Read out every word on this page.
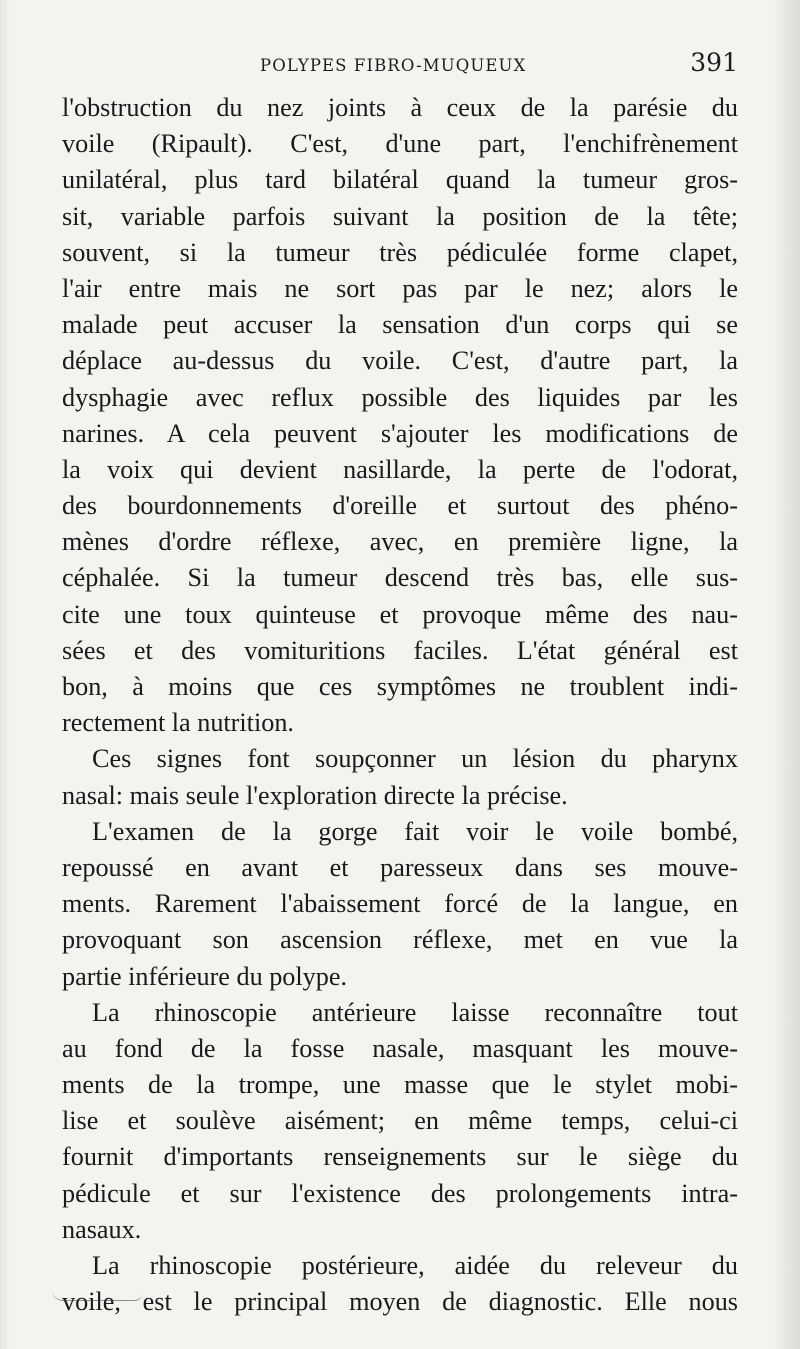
POLYPES FIBRO-MUQUEUX	391
l'obstruction du nez joints à ceux de la parésie du
voile (Ripault). C'est, d'une part, l'enchifrènement
unilatéral, plus tard bilatéral quand la tumeur gros-
sit, variable parfois suivant la position de la tête;
souvent, si la tumeur très pédiculée forme clapet,
l'air entre mais ne sort pas par le nez; alors le
malade peut accuser la sensation d'un corps qui se
déplace au-dessus du voile. C'est, d'autre part, la
dysphagie avec reflux possible des liquides par les
narines. A cela peuvent s'ajouter les modifications de
la voix qui devient nasillarde, la perte de l'odorat,
des bourdonnements d'oreille et surtout des phéno-
mènes d'ordre réflexe, avec, en première ligne, la
céphalée. Si la tumeur descend très bas, elle sus-
cite une toux quinteuse et provoque même des nau-
sées et des vomituritions faciles. L'état général est
bon, à moins que ces symptômes ne troublent indi-
rectement la nutrition.
Ces signes font soupçonner un lésion du pharynx
nasal: mais seule l'exploration directe la précise.
L'examen de la gorge fait voir le voile bombé,
repoussé en avant et paresseux dans ses mouve-
ments. Rarement l'abaissement forcé de la langue, en
provoquant son ascension réflexe, met en vue la
partie inférieure du polype.
La rhinoscopie antérieure laisse reconnaître tout
au fond de la fosse nasale, masquant les mouve-
ments de la trompe, une masse que le stylet mobi-
lise et soulève aisément; en même temps, celui-ci
fournit d'importants renseignements sur le siège du
pédicule et sur l'existence des prolongements intra-
nasaux.
La rhinoscopie postérieure, aidée du releveur du
voile, est le principal moyen de diagnostic. Elle nous
